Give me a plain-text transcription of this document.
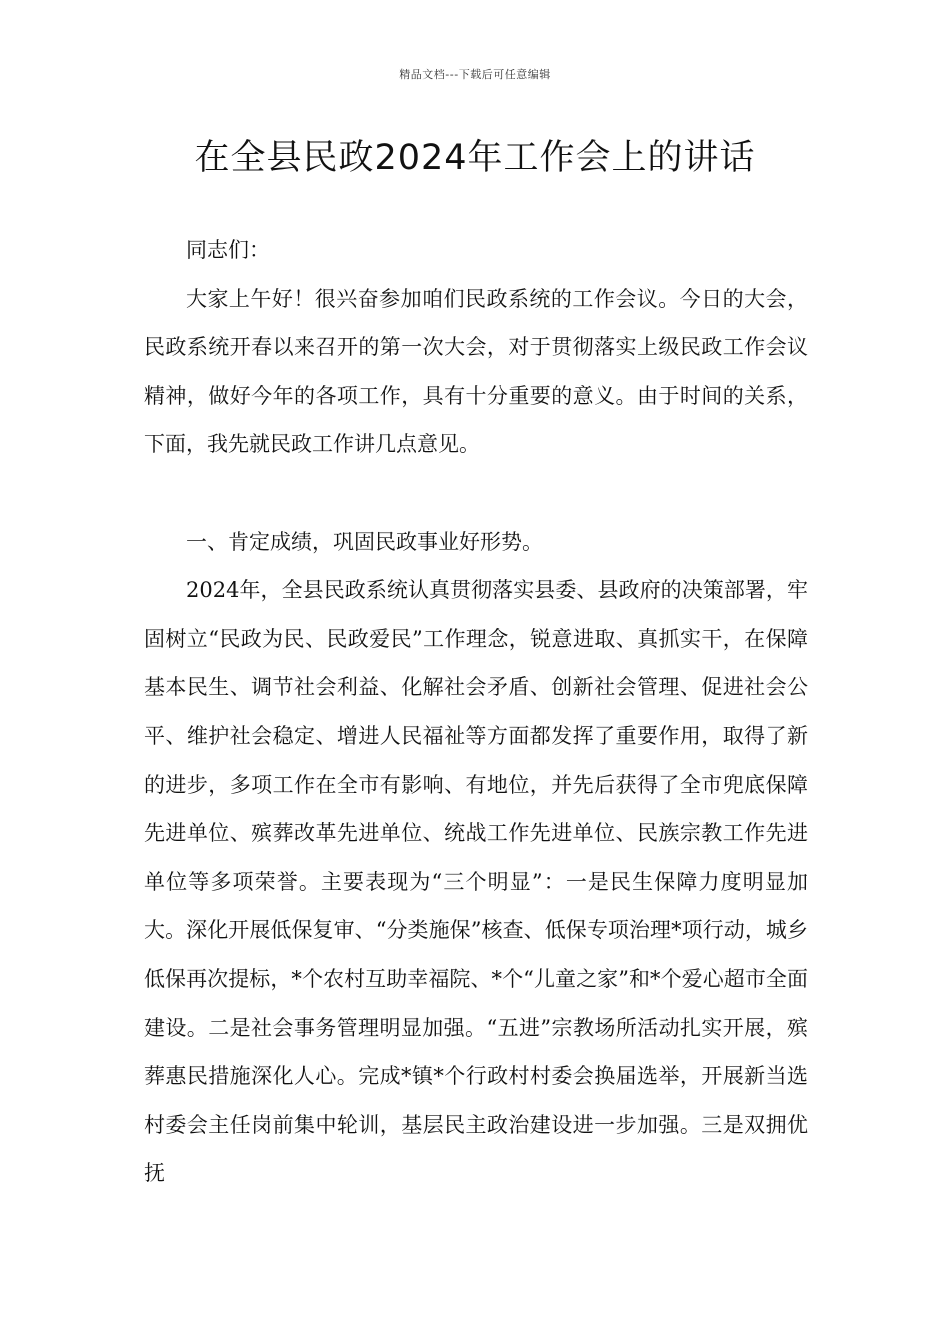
精品文档---下载后可任意编辑
在全县民政2024年工作会上的讲话

同志们：

大家上午好！很兴奋参加咱们民政系统的工作会议。今日的大会，民政系统开春以来召开的第一次大会，对于贯彻落实上级民政工作会议精神，做好今年的各项工作，具有十分重要的意义。由于时间的关系，下面，我先就民政工作讲几点意见。

一、肯定成绩，巩固民政事业好形势。

2024年，全县民政系统认真贯彻落实县委、县政府的决策部署，牢固树立“民政为民、民政爱民”工作理念，锐意进取、真抓实干，在保障基本民生、调节社会利益、化解社会矛盾、创新社会管理、促进社会公平、维护社会稳定、增进人民福祉等方面都发挥了重要作用，取得了新的进步，多项工作在全市有影响、有地位，并先后获得了全市兜底保障先进单位、殡葬改革先进单位、统战工作先进单位、民族宗教工作先进单位等多项荣誉。主要表现为“三个明显”：一是民生保障力度明显加大。深化开展低保复审、“分类施保”核查、低保专项治理*项行动，城乡低保再次提标，*个农村互助幸福院、*个“儿童之家”和*个爱心超市全面建设。二是社会事务管理明显加强。“五进”宗教场所活动扎实开展，殡葬惠民措施深化人心。完成*镇*个行政村村委会换届选举，开展新当选村委会主任岗前集中轮训，基层民主政治建设进一步加强。三是双拥优抚
